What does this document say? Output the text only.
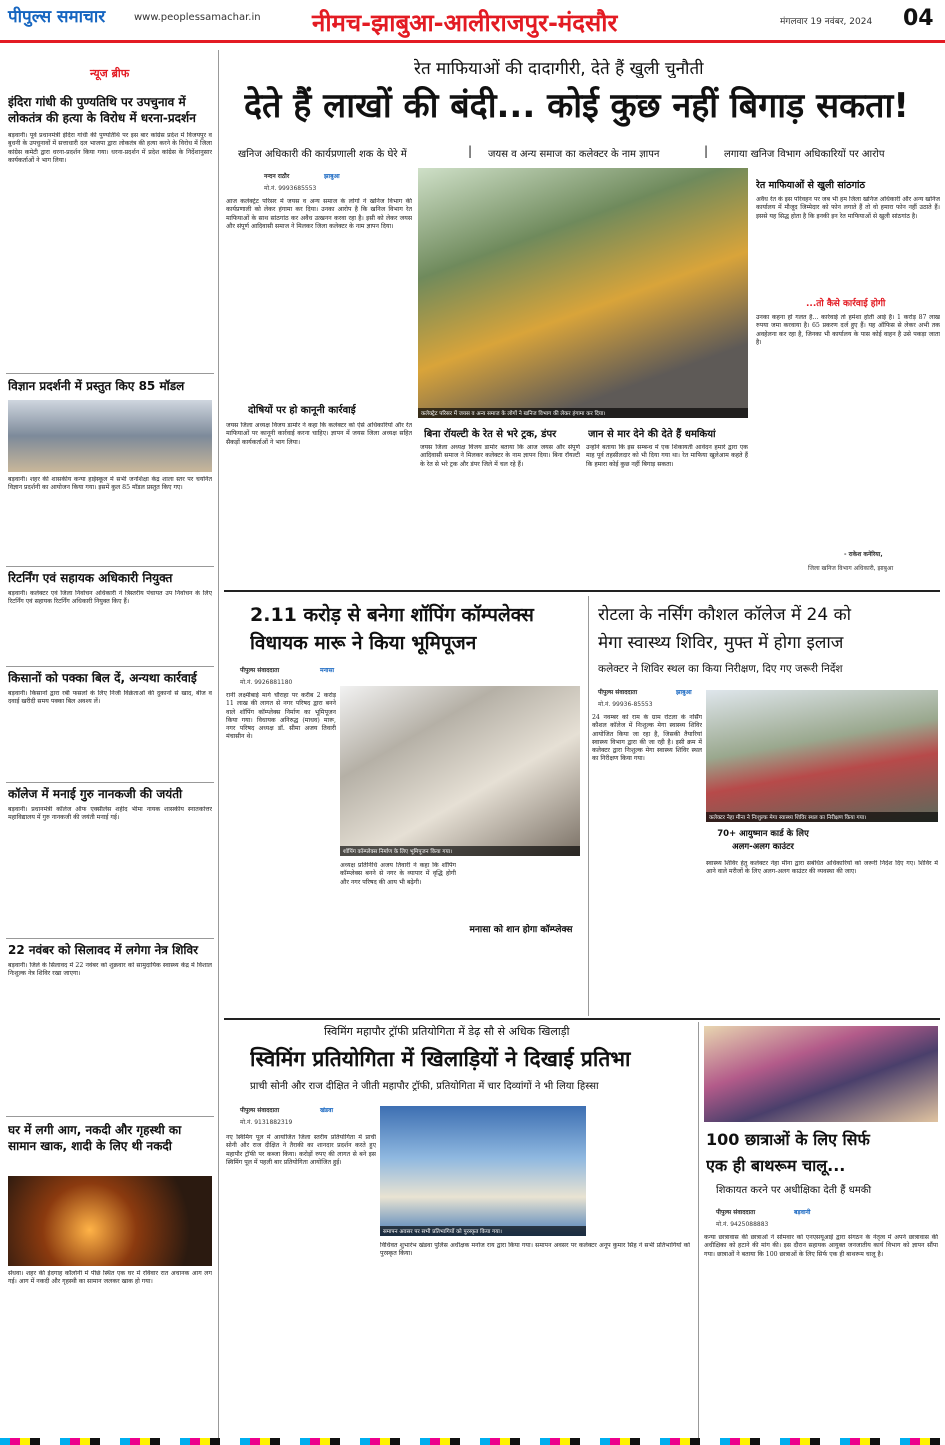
पीपुल्स समाचार	www.peoplessamachar.in नीमच-झाबुआ-आलीराजपुर-मंदसौर	मंगलवार 19 नवंबर, 2024 04
न्यूज ब्रीफ
इंदिरा गांधी की पुण्यतिथि पर उपचुनाव में लोकतंत्र की हत्या के विरोध में धरना-प्रदर्शन
बड़वानी। पूर्व प्रधानमंत्री इंदिरा गांधी की पुण्यतिथि पर इस बार कांग्रेस प्रदेश में विजयपुर व बुधनी के उपचुनावों में सत्ताधारी दल भाजपा द्वारा लोकतंत्र की हत्या करने के विरोध में जिला कांग्रेस कमेटी द्वारा धरना-प्रदर्शन किया गया। धरना-प्रदर्शन में प्रदेश कांग्रेस के निर्देशानुसार कार्यकर्ताओं ने भाग लिया।
विज्ञान प्रदर्शनी में प्रस्तुत किए 85 मॉडल
बड़वानी। शहर की शासकीय कन्या हाईस्कूल में सभी जनशिक्षा केंद्र शाला स्तर पर चयनित विज्ञान प्रदर्शनी का आयोजन किया गया। इसमें कुल 85 मॉडल प्रस्तुत किए गए।
रिटर्निंग एवं सहायक अधिकारी नियुक्त
बड़वानी। कलेक्टर एवं जिला निर्वाचन अधिकारी ने त्रिस्तरीय पंचायत उप निर्वाचन के लिए रिटर्निंग एवं सहायक रिटर्निंग अधिकारी नियुक्त किए हैं।
किसानों को पक्का बिल दें, अन्यथा कार्रवाई
बड़वानी। किसानों द्वारा रबी फसलों के लिए निजी विक्रेताओं की दुकानों से खाद, बीज व दवाई खरीदी समय पक्का बिल अवश्य लें।
कॉलेज में मनाई गुरु नानकजी की जयंती
बड़वानी। प्रधानमंत्री कॉलेज ऑफ एक्सीलेंस शहीद भीमा नायक शासकीय स्नातकोत्तर महाविद्यालय में गुरु नानकजी की जयंती मनाई गई।
22 नवंबर को सिलावद में लगेगा नेत्र शिविर
बड़वानी। जिले के सिलावद में 22 नवंबर को शुक्रवार को सामुदायिक स्वास्थ्य केंद्र में विशाल निःशुल्क नेत्र शिविर रखा जाएगा।
घर में लगी आग, नकदी और गृहस्थी का सामान खाक, शादी के लिए थी नकदी
सेंधवा। शहर की ईदगाह कॉलोनी में पीछे स्थित एक घर में रविवार रात अचानक आग लग गई। आग में नकदी और गृहस्थी का सामान जलकर खाक हो गया।
रेत माफियाओं की दादागीरी, देते हैं खुली चुनौती
देते हैं लाखों की बंदी... कोई कुछ नहीं बिगाड़ सकता!
खनिज अधिकारी की कार्यप्रणाली शक के घेरे में	| जयस व अन्य समाज का कलेक्टर के नाम ज्ञापन	| लगाया खनिज विभाग अधिकारियों पर आरोप
नन्दन राठौर	झाबुआ
मो.नं. 9993685553
आज कलेक्ट्रेट परिसर में जयस व अन्य समाज के लोगों ने खनिज विभाग की कार्यप्रणाली को लेकर हंगामा कर दिया। उनका आरोप है कि खनिज विभाग रेत माफियाओं के साथ सांठगांठ कर अवैध उत्खनन करवा रहा है। इसी को लेकर जयस और संपूर्ण आदिवासी समाज ने मिलकर जिला कलेक्टर के नाम ज्ञापन दिया।
कलेक्ट्रेट परिसर में जयस व अन्य समाज के लोगों ने खनिज विभाग की लेकर हंगामा कर दिया।
रेत माफियाओं से खुली सांठगांठ
अवैध रेत के इस परिवहन पर जब भी हम जिला खनिज अधिकारी और अन्य खनिज कार्यालय में मौजूद जिम्मेदार को फोन लगाते हैं तो वो हमारा फोन नहीं उठाते हैं। इससे यह सिद्ध होता है कि इनकी इन रेत माफियाओं से खुली सांठगांठ है।
...तो कैसे कार्रवाई होगी
उनका कहना हो गलत है... कार्रवाई तो हमेशा होती आई है। 1 करोड़ 87 लाख रुपया जमा करवाया है। 65 प्रकरण दर्ज हुए हैं। यह ऑफिस से लेकर अभी तक अवहेलना कर रहा है, जिनका भी कार्यालय के पास कोई वाहन है उसे पकड़ा जाता है।
- राकेश कनेरिया,
जिला खनिज विभाग अधिकारी, झाबुआ
दोषियों पर हो कानूनी कार्रवाई
जयस जिला अध्यक्ष विजय डामोर ने कहा कि कलेक्टर को ऐसे अधिकारियों और रेत माफियाओं पर कानूनी कार्रवाई करना चाहिए। ज्ञापन में जयस जिला अध्यक्ष सहित सैकड़ों कार्यकर्ताओं ने भाग लिया।
बिना रॉयल्टी के रेत से भरे ट्रक, डंपर
जयस जिला अध्यक्ष विजय डामोर बताया कि आज जयस और संपूर्ण आदिवासी समाज ने मिलकर कलेक्टर के नाम ज्ञापन दिया। बिना रॉयल्टी के रेत से भरे ट्रक और डंपर जिले में चल रहे हैं।
जान से मार देने की देते हैं धमकियां
उन्होंने बताया कि इस सम्बन्ध में एक शिकायती आवेदन हमारे द्वारा एक माह पूर्व तहसीलदार को भी दिया गया था। रेत माफिया खुलेआम कहते हैं कि हमारा कोई कुछ नहीं बिगाड़ सकता।
2.11 करोड़ से बनेगा शॉपिंग कॉम्पलेक्स
विधायक मारू ने किया भूमिपूजन
पीपुल्स संवाददाता	मनासा
मो.नं. 9926881180
रानी लक्ष्मीबाई मार्ग चौराहा पर करीब 2 करोड़ 11 लाख की लागत से नगर परिषद द्वारा बनने वाले शॉपिंग कॉम्प्लेक्स निर्माण का भूमिपूजन किया गया। विधायक अनिरुद्ध (माधव) मारू, नगर परिषद अध्यक्ष डॉ. सीमा अजय तिवारी मंचासीन थे।
शॉपिंग कॉम्प्लेक्स निर्माण के लिए भूमिपूजन किया गया।
अध्यक्ष प्रतिनिधि अजय तिवारी ने कहा कि शॉपिंग कॉम्प्लेक्स बनने से नगर के व्यापार में वृद्धि होगी और नगर परिषद की आय भी बढ़ेगी।
मनासा को शान होगा कॉम्प्लेक्स
रोटला के नर्सिंग कौशल कॉलेज में 24 को
मेगा स्वास्थ्य शिविर, मुफ्त में होगा इलाज
कलेक्टर ने शिविर स्थल का किया निरीक्षण, दिए गए जरूरी निर्देश
पीपुल्स संवाददाता	झाबुआ
मो.नं. 99936-85553
24 नवम्बर को राम के ग्राम रोटला के नर्सिंग कौशल कॉलेज में निःशुल्क मेगा स्वास्थ्य शिविर आयोजित किया जा रहा है, जिसकी तैयारियां स्वास्थ्य विभाग द्वारा की जा रही है। इसी क्रम में कलेक्टर द्वारा निःशुल्क मेगा स्वास्थ्य शिविर स्थल का निरीक्षण किया गया।
कलेक्टर नेहा मीना ने निःशुल्क मेगा स्वास्थ्य शिविर स्थल का निरीक्षण किया गया।
70+ आयुष्मान कार्ड के लिए अलग-अलग काउंटर
स्वास्थ्य शिविर हेतु कलेक्टर नेहा मीना द्वारा सबंधित अधिकारियों को जरूरी निर्देश दिए गए। शिविर में आने वाले मरीजों के लिए अलग-अलग काउंटर की व्यवस्था की जाए।
स्विमिंग महापौर ट्रॉफी प्रतियोगिता में डेढ़ सौ से अधिक खिलाड़ी
स्विमिंग प्रतियोगिता में खिलाड़ियों ने दिखाई प्रतिभा
प्राची सोनी और राज दीक्षित ने जीती महापौर ट्रॉफी, प्रतियोगिता में चार दिव्यांगों ने भी लिया हिस्सा
पीपुल्स संवाददाता	खंडवा
मो.नं. 9131882319
नए स्विमिंग पूल में आयोजित जिला स्तरीय प्रतियोगिता में प्राची सोनी और राज दीक्षित ने तैराकी का शानदार प्रदर्शन करते हुए महापौर ट्रॉफी पर कब्जा किया। करोड़ों रुपए की लागत से बने इस स्विमिंग पूल में पहली बार प्रतियोगिता आयोजित हुई।
समापन अवसर पर सभी प्रतिभागियों को पुरस्कृत किया गया।
विधिवत शुभारंभ खंडवा पुलिस अधीक्षक मनोज राय द्वारा किया गया। समापन अवसर पर कलेक्टर अनूप कुमार सिंह ने सभी प्रतिभागियों को पुरस्कृत किया।
100 छात्राओं के लिए सिर्फ
एक ही बाथरूम चालू...
शिकायत करने पर अधीक्षिका देती हैं धमकी
पीपुल्स संवाददाता	बड़वानी
मो.नं. 9425088883
कन्या छात्रावास की छात्राओं ने सोमवार को एनएसयूआई द्वारा संगठन के नेतृत्व में अपने छात्रावास की अधीक्षिका को हटाने की मांग की। इस दौरान सहायक आयुक्त जनजातीय कार्य विभाग को ज्ञापन सौंपा गया। छात्राओं ने बताया कि 100 छात्राओं के लिए सिर्फ एक ही बाथरूम चालू है।
